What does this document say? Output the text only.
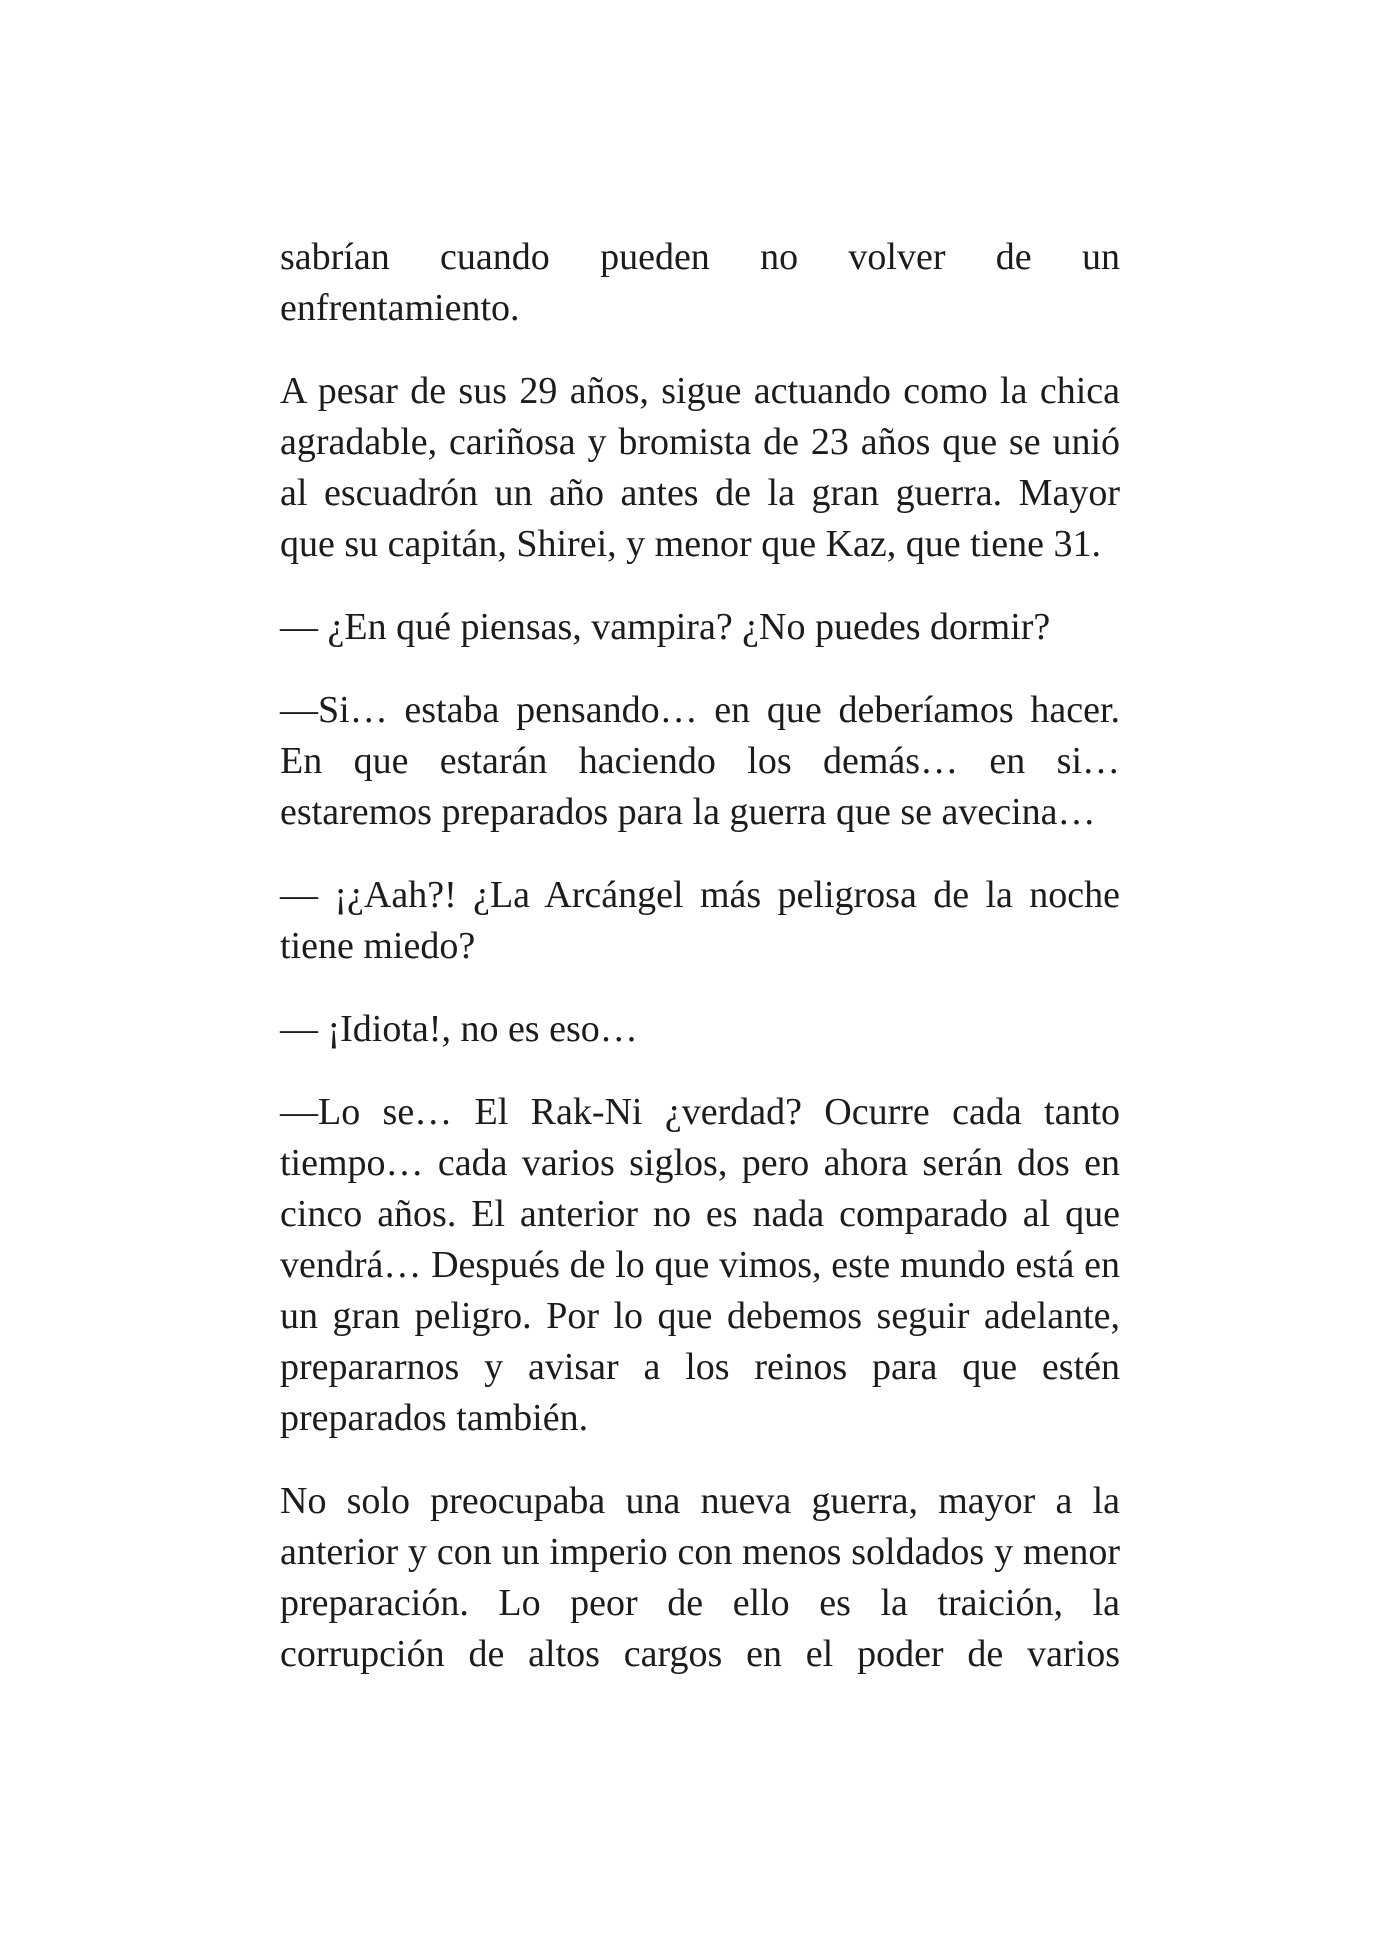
sabrían cuando pueden no volver de un enfrentamiento.

A pesar de sus 29 años, sigue actuando como la chica agradable, cariñosa y bromista de 23 años que se unió al escuadrón un año antes de la gran guerra. Mayor que su capitán, Shirei, y menor que Kaz, que tiene 31.

— ¿En qué piensas, vampira? ¿No puedes dormir?

—Si… estaba pensando… en que deberíamos hacer. En que estarán haciendo los demás… en si… estaremos preparados para la guerra que se avecina…

— ¡¿Aah?! ¿La Arcángel más peligrosa de la noche tiene miedo?

— ¡Idiota!, no es eso…

—Lo se… El Rak-Ni ¿verdad? Ocurre cada tanto tiempo… cada varios siglos, pero ahora serán dos en cinco años. El anterior no es nada comparado al que vendrá… Después de lo que vimos, este mundo está en un gran peligro. Por lo que debemos seguir adelante, prepararnos y avisar a los reinos para que estén preparados también.

No solo preocupaba una nueva guerra, mayor a la anterior y con un imperio con menos soldados y menor preparación. Lo peor de ello es la traición, la corrupción de altos cargos en el poder de varios
